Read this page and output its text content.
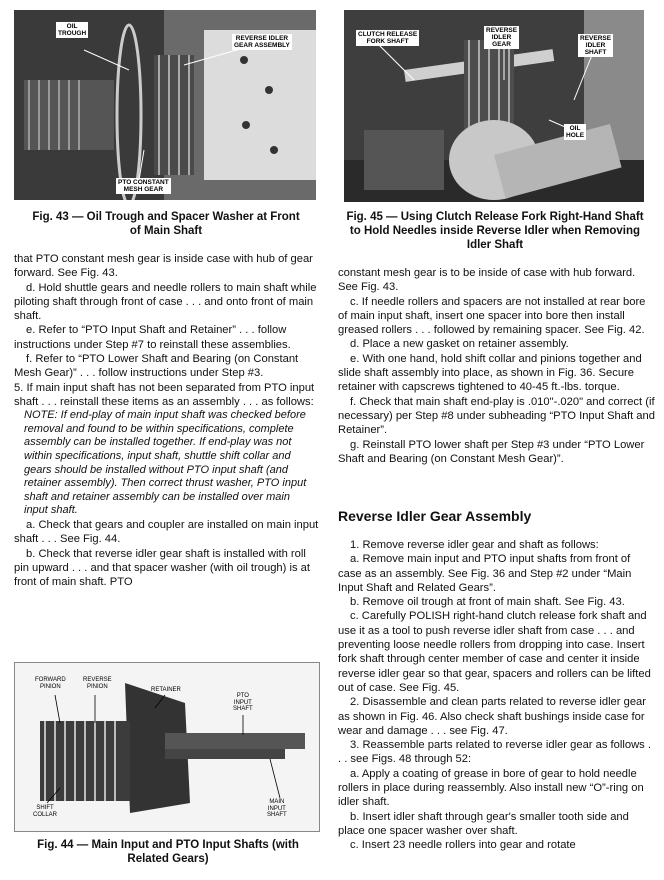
OIL
TROUGH
REVERSE IDLER
GEAR ASSEMBLY
PTO CONSTANT
MESH GEAR
Fig. 43 — Oil Trough and Spacer Washer at Front of Main Shaft

that PTO constant mesh gear is inside case with hub of gear forward. See Fig. 43.

d. Hold shuttle gears and needle rollers to main shaft while piloting shaft through front of case . . . and onto front of main shaft.

e. Refer to “PTO Input Shaft and Retainer” . . . follow instructions under Step #7 to reinstall these assemblies.

f. Refer to “PTO Lower Shaft and Bearing (on Constant Mesh Gear)” . . . follow instructions under Step #3.

5. If main input shaft has not been separated from PTO input shaft . . . reinstall these items as an assembly . . . as follows:

NOTE: If end-play of main input shaft was checked before removal and found to be within specifications, complete assembly can be installed together. If end-play was not within specifications, input shaft, shuttle shift collar and gears should be installed without PTO input shaft (and retainer assembly). Then correct thrust washer, PTO input shaft and retainer assembly can be installed over main input shaft.

a. Check that gears and coupler are installed on main input shaft . . . See Fig. 44.

b. Check that reverse idler gear shaft is installed with roll pin upward . . . and that spacer washer (with oil trough) is at front of main shaft. PTO

FORWARD
PINION
REVERSE
PINION
RETAINER
PTO
INPUT
SHAFT
SHIFT
COLLAR
MAIN
INPUT
SHAFT
Fig. 44 — Main Input and PTO Input Shafts (with Related Gears)
CLUTCH RELEASE
FORK SHAFT
REVERSE
IDLER
GEAR
REVERSE
IDLER
SHAFT
OIL
HOLE
Fig. 45 — Using Clutch Release Fork Right-Hand Shaft to Hold Needles inside Reverse Idler when Removing Idler Shaft

constant mesh gear is to be inside of case with hub forward. See Fig. 43.

c. If needle rollers and spacers are not installed at rear bore of main input shaft, insert one spacer into bore then install greased rollers . . . followed by remaining spacer. See Fig. 42.

d. Place a new gasket on retainer assembly.

e. With one hand, hold shift collar and pinions together and slide shaft assembly into place, as shown in Fig. 36. Secure retainer with capscrews tightened to 40-45 ft.-lbs. torque.

f. Check that main shaft end-play is .010"-.020" and correct (if necessary) per Step #8 under subheading “PTO Input Shaft and Retainer”.

g. Reinstall PTO lower shaft per Step #3 under “PTO Lower Shaft and Bearing (on Constant Mesh Gear)”.

Reverse Idler Gear Assembly

1. Remove reverse idler gear and shaft as follows:

a. Remove main input and PTO input shafts from front of case as an assembly. See Fig. 36 and Step #2 under “Main Input Shaft and Related Gears”.

b. Remove oil trough at front of main shaft. See Fig. 43.

c. Carefully POLISH right-hand clutch release fork shaft and use it as a tool to push reverse idler shaft from case . . . and preventing loose needle rollers from dropping into case. Insert fork shaft through center member of case and center it inside reverse idler gear so that gear, spacers and rollers can be lifted out of case. See Fig. 45.

2. Disassemble and clean parts related to reverse idler gear as shown in Fig. 46. Also check shaft bushings inside case for wear and damage . . . see Fig. 47.

3. Reassemble parts related to reverse idler gear as follows . . . see Figs. 48 through 52:

a. Apply a coating of grease in bore of gear to hold needle rollers in place during reassembly. Also install new “O”-ring on idler shaft.

b. Insert idler shaft through gear's smaller tooth side and place one spacer washer over shaft.

c. Insert 23 needle rollers into gear and rotate
